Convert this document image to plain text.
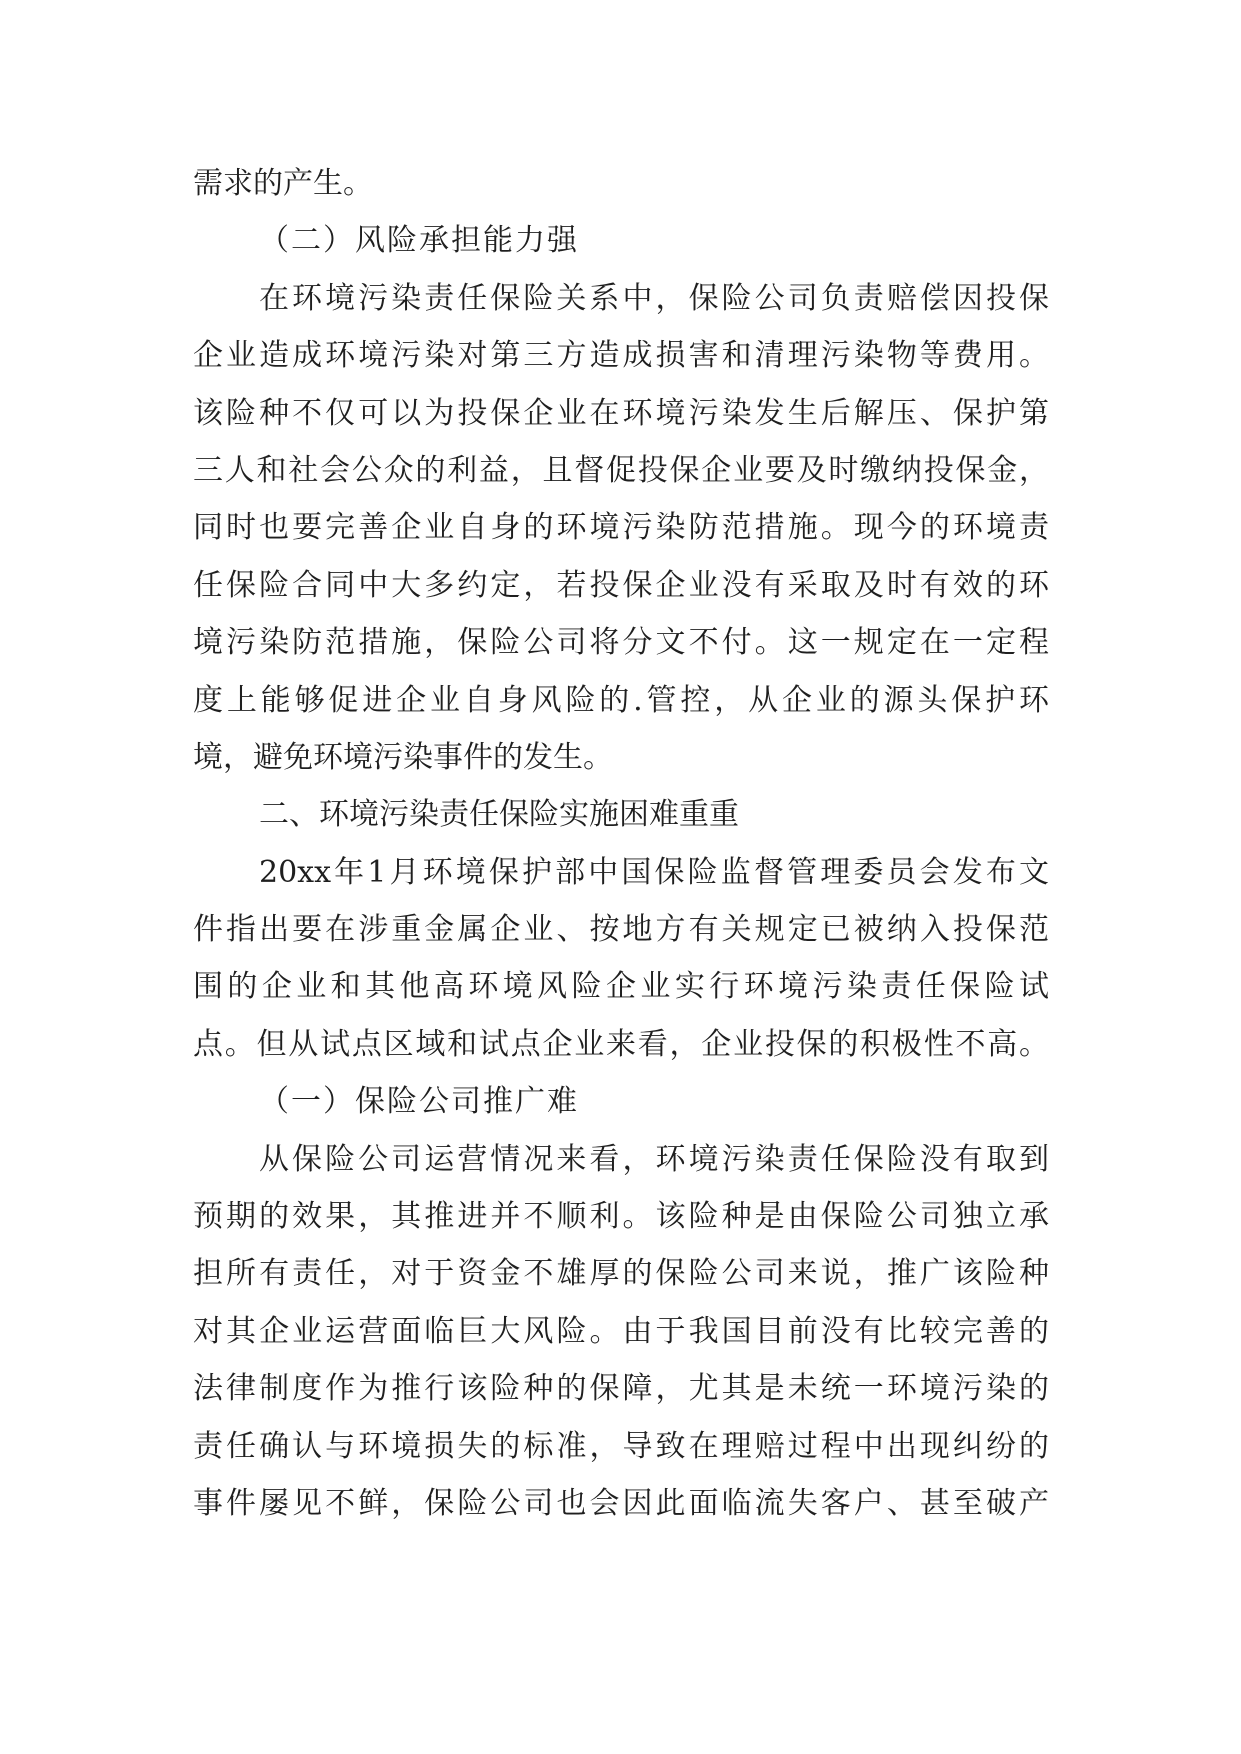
需求的产生。
（二）风险承担能力强
在环境污染责任保险关系中，保险公司负责赔偿因投保
企业造成环境污染对第三方造成损害和清理污染物等费用。
该险种不仅可以为投保企业在环境污染发生后解压、保护第
三人和社会公众的利益，且督促投保企业要及时缴纳投保金，
同时也要完善企业自身的环境污染防范措施。现今的环境责
任保险合同中大多约定，若投保企业没有采取及时有效的环
境污染防范措施，保险公司将分文不付。这一规定在一定程
度上能够促进企业自身风险的.管控，从企业的源头保护环
境，避免环境污染事件的发生。
二、环境污染责任保险实施困难重重
20xx年1月环境保护部中国保险监督管理委员会发布文
件指出要在涉重金属企业、按地方有关规定已被纳入投保范
围的企业和其他高环境风险企业实行环境污染责任保险试
点。但从试点区域和试点企业来看，企业投保的积极性不高。
（一）保险公司推广难
从保险公司运营情况来看，环境污染责任保险没有取到
预期的效果，其推进并不顺利。该险种是由保险公司独立承
担所有责任，对于资金不雄厚的保险公司来说，推广该险种
对其企业运营面临巨大风险。由于我国目前没有比较完善的
法律制度作为推行该险种的保障，尤其是未统一环境污染的
责任确认与环境损失的标准，导致在理赔过程中出现纠纷的
事件屡见不鲜，保险公司也会因此面临流失客户、甚至破产
